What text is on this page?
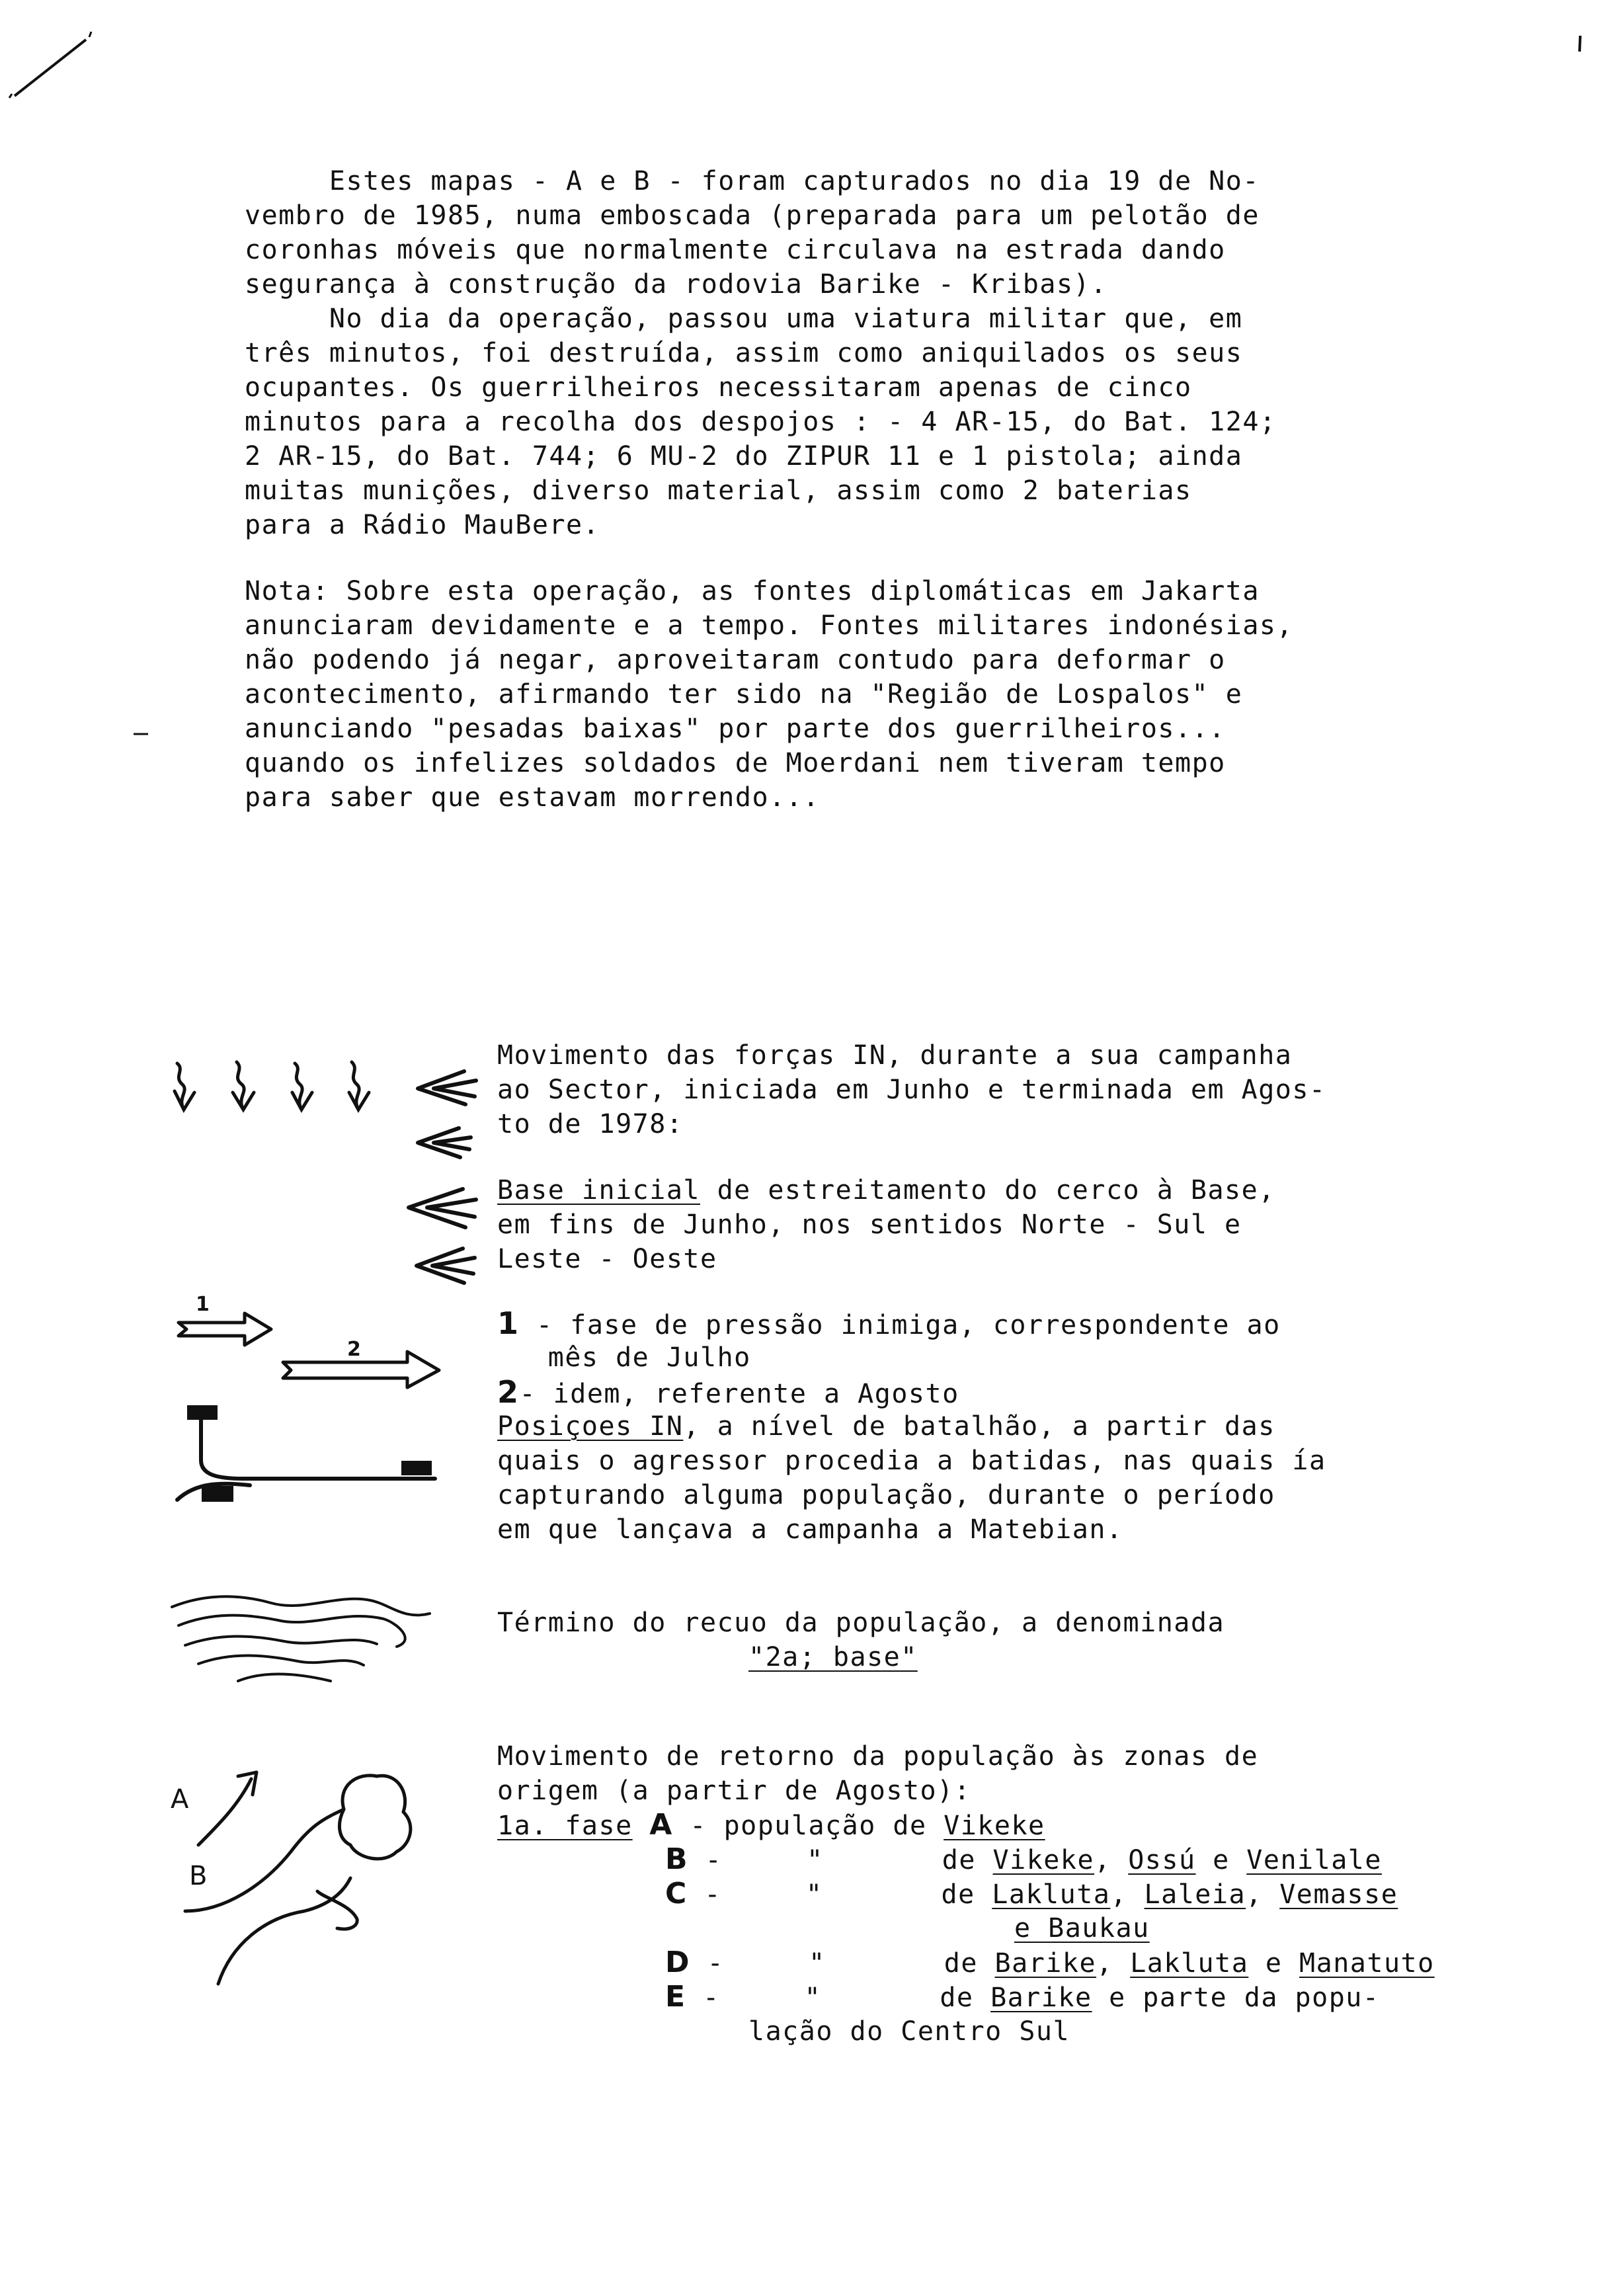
Estes mapas - A e B - foram capturados no dia 19 de No-
vembro de 1985, numa emboscada (preparada para um pelotão de
coronhas móveis que normalmente circulava na estrada dando
segurança à construção da rodovia Barike - Kribas).
No dia da operação, passou uma viatura militar que, em
três minutos, foi destruída, assim como aniquilados os seus
ocupantes. Os guerrilheiros necessitaram apenas de cinco
minutos para a recolha dos despojos : - 4 AR-15, do Bat. 124;
2 AR-15, do Bat. 744; 6 MU-2 do ZIPUR 11 e 1 pistola; ainda
muitas munições, diverso material, assim como 2 baterias
para a Rádio MauBere.
Nota: Sobre esta operação, as fontes diplomáticas em Jakarta
anunciaram devidamente e a tempo. Fontes militares indonésias,
não podendo já negar, aproveitaram contudo para deformar o
acontecimento, afirmando ter sido na "Região de Lospalos" e
anunciando "pesadas baixas" por parte dos guerrilheiros...
quando os infelizes soldados de Moerdani nem tiveram tempo
para saber que estavam morrendo...
Movimento das forças IN, durante a sua campanha
ao Sector, iniciada em Junho e terminada em Agos-
to de 1978:
Base inicial de estreitamento do cerco à Base,
em fins de Junho, nos sentidos Norte - Sul e
Leste - Oeste
1 - fase de pressão inimiga, correspondente ao
mês de Julho
2- idem, referente a Agosto
Posiçoes IN, a nível de batalhão, a partir das
quais o agressor procedia a batidas, nas quais ía
capturando alguma população, durante o período
em que lançava a campanha a Matebian.
Término do recuo da população, a denominada
"2a; base"
Movimento de retorno da população às zonas de
origem (a partir de Agosto):
1a. fase A - população de Vikeke
B -     "	de Vikeke, Ossú e Venilale
C -     "	de Lakluta, Laleia, Vemasse
e Baukau
D -     "	de Barike, Lakluta e Manatuto
E -     "	de Barike e parte da popu-
lação do Centro Sul
1
2
A
B
